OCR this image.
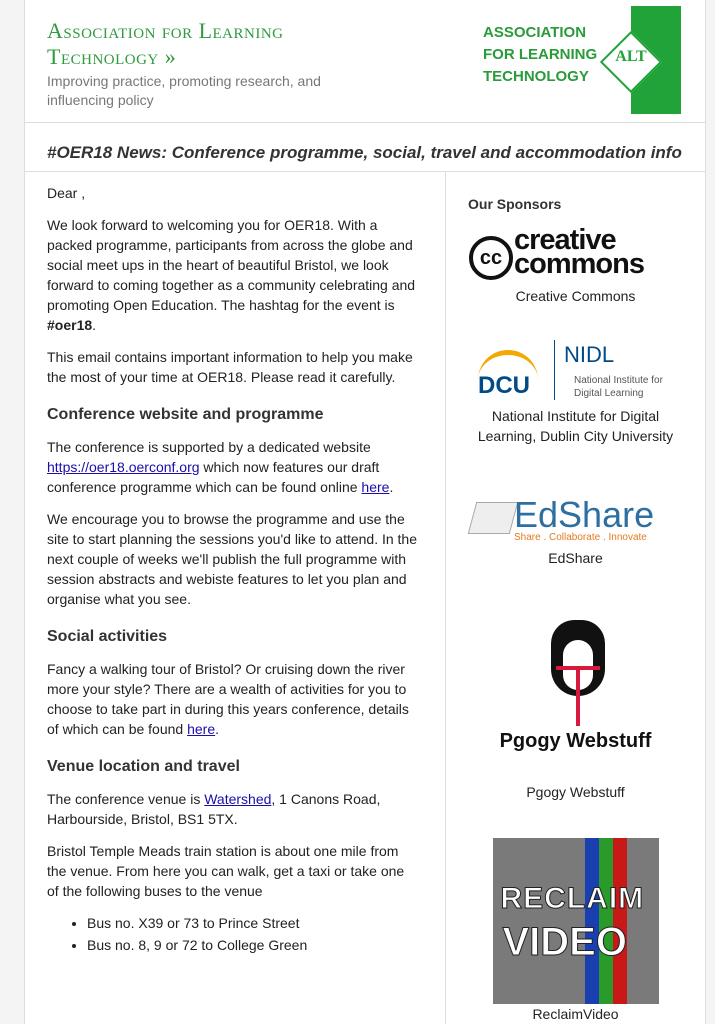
Association for Learning
Technology »
Improving practice, promoting research, and influencing policy
ASSOCIATION
FOR LEARNING
TECHNOLOGY
ALT
#OER18 News: Conference programme, social, travel and accommodation info

Dear ,

We look forward to welcoming you for OER18. With a packed programme, participants from across the globe and social meet ups in the heart of beautiful Bristol, we look forward to coming together as a community celebrating and promoting Open Education. The hashtag for the event is #oer18.

This email contains important information to help you make the most of your time at OER18. Please read it carefully.

Conference website and programme

The conference is supported by a dedicated website https://oer18.oerconf.org which now features our draft conference programme which can be found online here.

We encourage you to browse the programme and use the site to start planning the sessions you'd like to attend. In the next couple of weeks we'll publish the full programme with session abstracts and webiste features to let you plan and organise what you see.

Social activities

Fancy a walking tour of Bristol? Or cruising down the river more your style? There are a wealth of activities for you to choose to take part in during this years conference, details of which can be found here.

Venue location and travel

The conference venue is Watershed, 1 Canons Road, Harbourside, Bristol, BS1 5TX.

Bristol Temple Meads train station is about one mile from the venue. From here you can walk, get a taxi or take one of the following buses to the venue

• Bus no. X39 or 73 to Prince Street
• Bus no. 8, 9 or 72 to College Green
Our Sponsors
cc
creative
commons
Creative Commons
DCU
NIDL
National Institute for Digital Learning
National Institute for Digital Learning, Dublin City University
EdShare
Share . Collaborate . Innovate
EdShare
Pgogy Webstuff
Pgogy Webstuff
RECLAIM
VIDEO
ReclaimVideo
